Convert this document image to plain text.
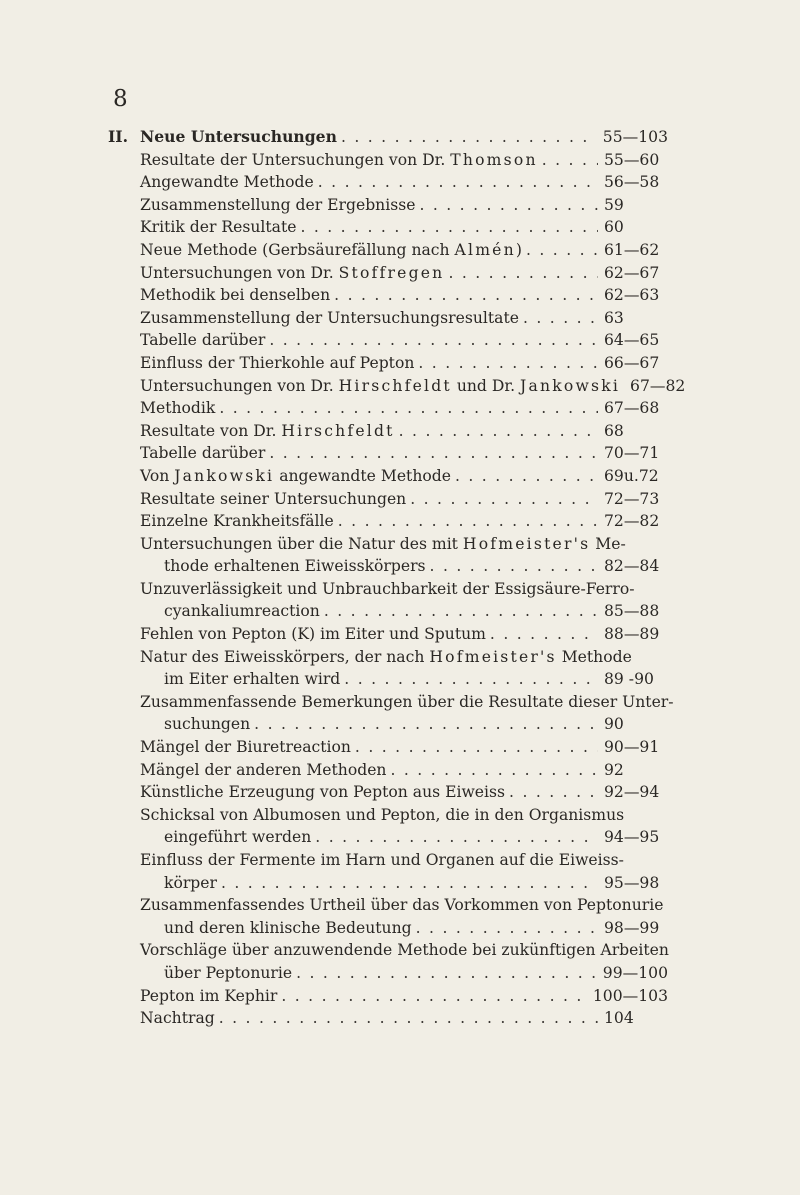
8
II. Neue Untersuchungen . . .	55—103
Resultate der Untersuchungen von Dr. Thomson . . .	55—60
Angewandte Methode . . .	56—58
Zusammenstellung der Ergebnisse . . .	59
Kritik der Resultate . . .	60
Neue Methode (Gerbsäurefällung nach Almén) . . .	61—62
Untersuchungen von Dr. Stoffregen . . .	62—67
Methodik bei denselben . . .	62—63
Zusammenstellung der Untersuchungsresultate . . .	63
Tabelle darüber . . .	64—65
Einfluss der Thierkohle auf Pepton . . .	66—67
Untersuchungen von Dr. Hirschfeldt und Dr. Jankowski 67—82
Methodik . . .	67—68
Resultate von Dr. Hirschfeldt . . .	68
Tabelle darüber . . .	70—71
Von Jankowski angewandte Methode . . .	69u.72
Resultate seiner Untersuchungen . . .	72—73
Einzelne Krankheitsfälle . . .	72—82
Untersuchungen über die Natur des mit Hofmeister's Me-
thode erhaltenen Eiweisskörpers . . .	82—84
Unzuverlässigkeit und Unbrauchbarkeit der Essigsäure-Ferro-
cyankaliumreaction . . .	85—88
Fehlen von Pepton (K) im Eiter und Sputum . . .	88—89
Natur des Eiweisskörpers, der nach Hofmeister's Methode
im Eiter erhalten wird . . .	89 -90
Zusammenfassende Bemerkungen über die Resultate dieser Unter-
suchungen . . .	90
Mängel der Biuretreaction . . .	90—91
Mängel der anderen Methoden . . .	92
Künstliche Erzeugung von Pepton aus Eiweiss . . .	92—94
Schicksal von Albumosen und Pepton, die in den Organismus
eingeführt werden . . .	94—95
Einfluss der Fermente im Harn und Organen auf die Eiweiss-
körper . . .	95—98
Zusammenfassendes Urtheil über das Vorkommen von Peptonurie
und deren klinische Bedeutung . . .	98—99
Vorschläge über anzuwendende Methode bei zukünftigen Arbeiten
über Peptonurie . . .	99—100
Pepton im Kephir . . .	100—103
Nachtrag . . .	104
